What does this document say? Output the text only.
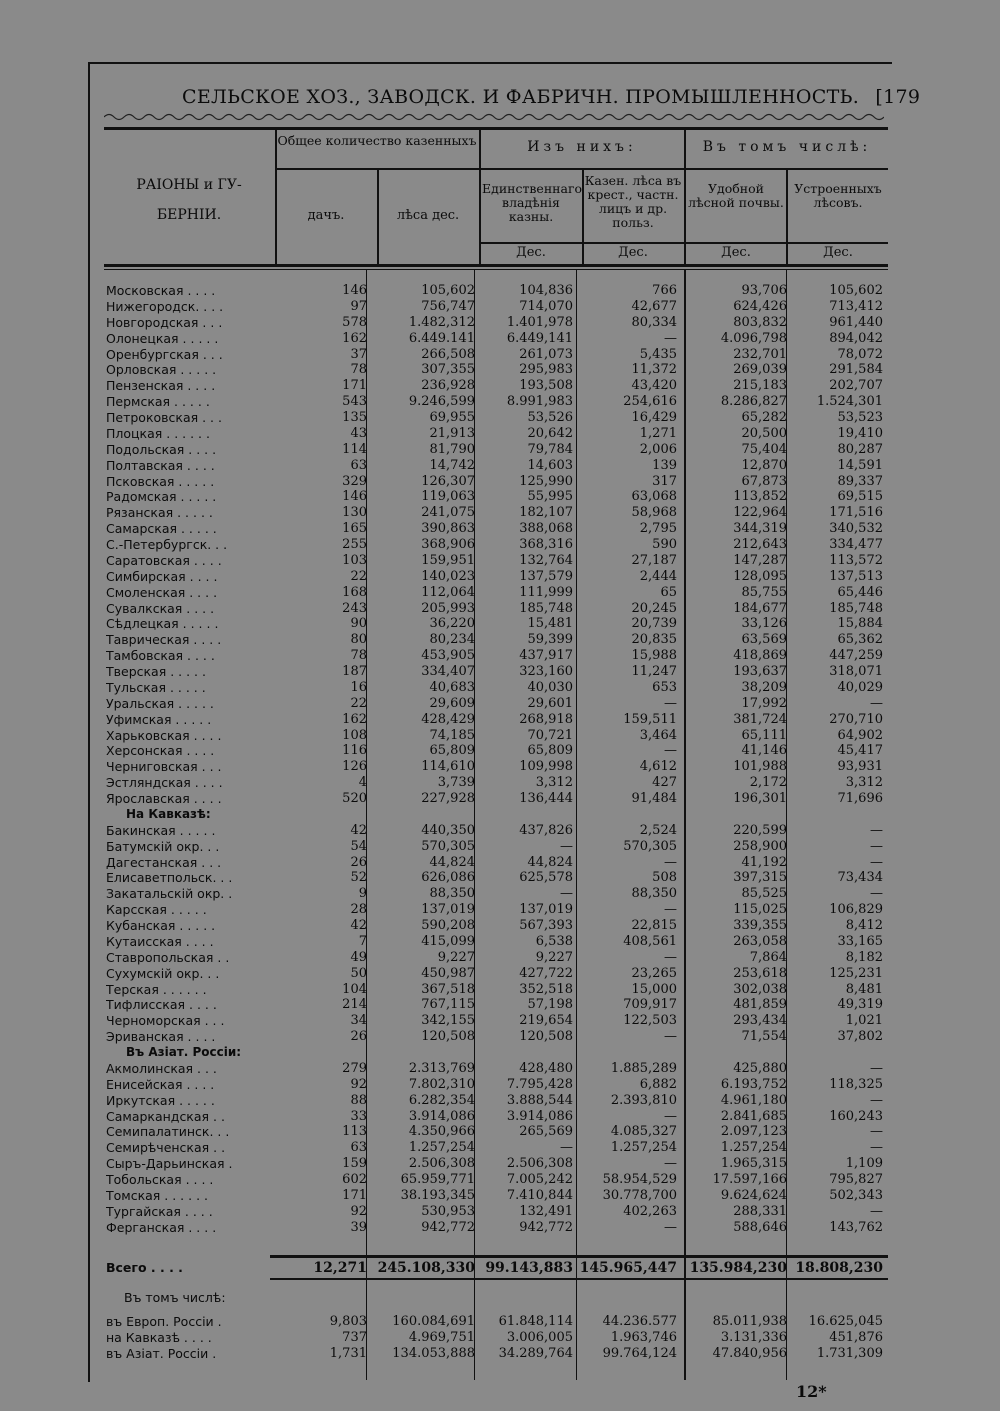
СЕЛЬСКОЕ ХОЗ., ЗАВОДСК. И ФАБРИЧН. ПРОМЫШЛЕННОСТЬ. [179
РАІОНЫ и ГУ-БЕРНІИ.
Общее количество казенныхъ
дачъ.	лѣса дес.
Изъ нихъ:
Единственнаго владѣнія казны.
Казен. лѣса въ крест., частн. лицъ и др. польз.
Въ томъ числѣ:
Удобной лѣсной почвы.
Устроенныхъ лѣсовъ.
Дес.	Дес.	Дес.	Дес.
Московская . . . .	146	105,602	104,836	766	93,706	105,602
Нижегородск. . . .	97	756,747	714,070	42,677	624,426	713,412
Новгородская . . .	578	1.482,312	1.401,978	80,334	803,832	961,440
Олонецкая . . . . .	162	6.449.141	6.449,141	—	4.096,798	894,042
Оренбургская . . .	37	266,508	261,073	5,435	232,701	78,072
Орловская . . . . .	78	307,355	295,983	11,372	269,039	291,584
Пензенская . . . .	171	236,928	193,508	43,420	215,183	202,707
Пермская . . . . .	543	9.246,599	8.991,983	254,616	8.286,827	1.524,301
Петроковская . . .	135	69,955	53,526	16,429	65,282	53,523
Плоцкая . . . . . .	43	21,913	20,642	1,271	20,500	19,410
Подольская . . . .	114	81,790	79,784	2,006	75,404	80,287
Полтавская . . . .	63	14,742	14,603	139	12,870	14,591
Псковская . . . . .	329	126,307	125,990	317	67,873	89,337
Радомская . . . . .	146	119,063	55,995	63,068	113,852	69,515
Рязанская . . . . .	130	241,075	182,107	58,968	122,964	171,516
Самарская . . . . .	165	390,863	388,068	2,795	344,319	340,532
С.-Петербургск. . .	255	368,906	368,316	590	212,643	334,477
Саратовская . . . .	103	159,951	132,764	27,187	147,287	113,572
Симбирская . . . .	22	140,023	137,579	2,444	128,095	137,513
Смоленская . . . .	168	112,064	111,999	65	85,755	65,446
Сувалкская . . . .	243	205,993	185,748	20,245	184,677	185,748
Сѣдлецкая . . . . .	90	36,220	15,481	20,739	33,126	15,884
Таврическая . . . .	80	80,234	59,399	20,835	63,569	65,362
Тамбовская . . . .	78	453,905	437,917	15,988	418,869	447,259
Тверская . . . . .	187	334,407	323,160	11,247	193,637	318,071
Тульская . . . . .	16	40,683	40,030	653	38,209	40,029
Уральская . . . . .	22	29,609	29,601	—	17,992	—
Уфимская . . . . .	162	428,429	268,918	159,511	381,724	270,710
Харьковская . . . .	108	74,185	70,721	3,464	65,111	64,902
Херсонская . . . .	116	65,809	65,809	—	41,146	45,417
Черниговская . . .	126	114,610	109,998	4,612	101,988	93,931
Эстляндская . . . .	4	3,739	3,312	427	2,172	3,312
Ярославская . . . .	520	227,928	136,444	91,484	196,301	71,696
На Кавказѣ:
Бакинская . . . . .	42	440,350	437,826	2,524	220,599	—
Батумскій окр. . .	54	570,305	—	570,305	258,900	—
Дагестанская . . .	26	44,824	44,824	—	41,192	—
Елисаветпольск. . .	52	626,086	625,578	508	397,315	73,434
Закатальскій окр. .	9	88,350	—	88,350	85,525	—
Карсская . . . . .	28	137,019	137,019	—	115,025	106,829
Кубанская . . . . .	42	590,208	567,393	22,815	339,355	8,412
Кутаисская . . . .	7	415,099	6,538	408,561	263,058	33,165
Ставропольская . .	49	9,227	9,227	—	7,864	8,182
Сухумскій окр. . .	50	450,987	427,722	23,265	253,618	125,231
Терская . . . . . .	104	367,518	352,518	15,000	302,038	8,481
Тифлисская . . . .	214	767,115	57,198	709,917	481,859	49,319
Черноморская . . .	34	342,155	219,654	122,503	293,434	1,021
Эриванская . . . .	26	120,508	120,508	—	71,554	37,802
Въ Азіат. Россіи:
Акмолинская . . .	279	2.313,769	428,480	1.885,289	425,880	—
Енисейская . . . .	92	7.802,310	7.795,428	6,882	6.193,752	118,325
Иркутская . . . . .	88	6.282,354	3.888,544	2.393,810	4.961,180	—
Самаркандская . .	33	3.914,086	3.914,086	—	2.841,685	160,243
Семипалатинск. . .	113	4.350,966	265,569	4.085,327	2.097,123	—
Семирѣченская . .	63	1.257,254	—	1.257,254	1.257,254	—
Сыръ-Дарьинская .	159	2.506,308	2.506,308	—	1.965,315	1,109
Тобольская . . . .	602	65.959,771	7.005,242	58.954,529	17.597,166	795,827
Томская . . . . . .	171	38.193,345	7.410,844	30.778,700	9.624,624	502,343
Тургайская . . . .	92	530,953	132,491	402,263	288,331	—
Ферганская . . . .	39	942,772	942,772	—	588,646	143,762
Всего . . . .	12,271 245.108,330 99.143,883 145.965,447 135.984,230 18.808,230
Въ томъ числѣ:
въ Европ. Россіи .	9,803	160.084,691	61.848,114	44.236.577	85.011,938	16.625,045
на Кавказѣ . . . .	737	4.969,751	3.006,005	1.963,746	3.131,336	451,876
въ Азіат. Россіи .	1,731	134.053,888	34.289,764	99.764,124	47.840,956	1.731,309
12*
